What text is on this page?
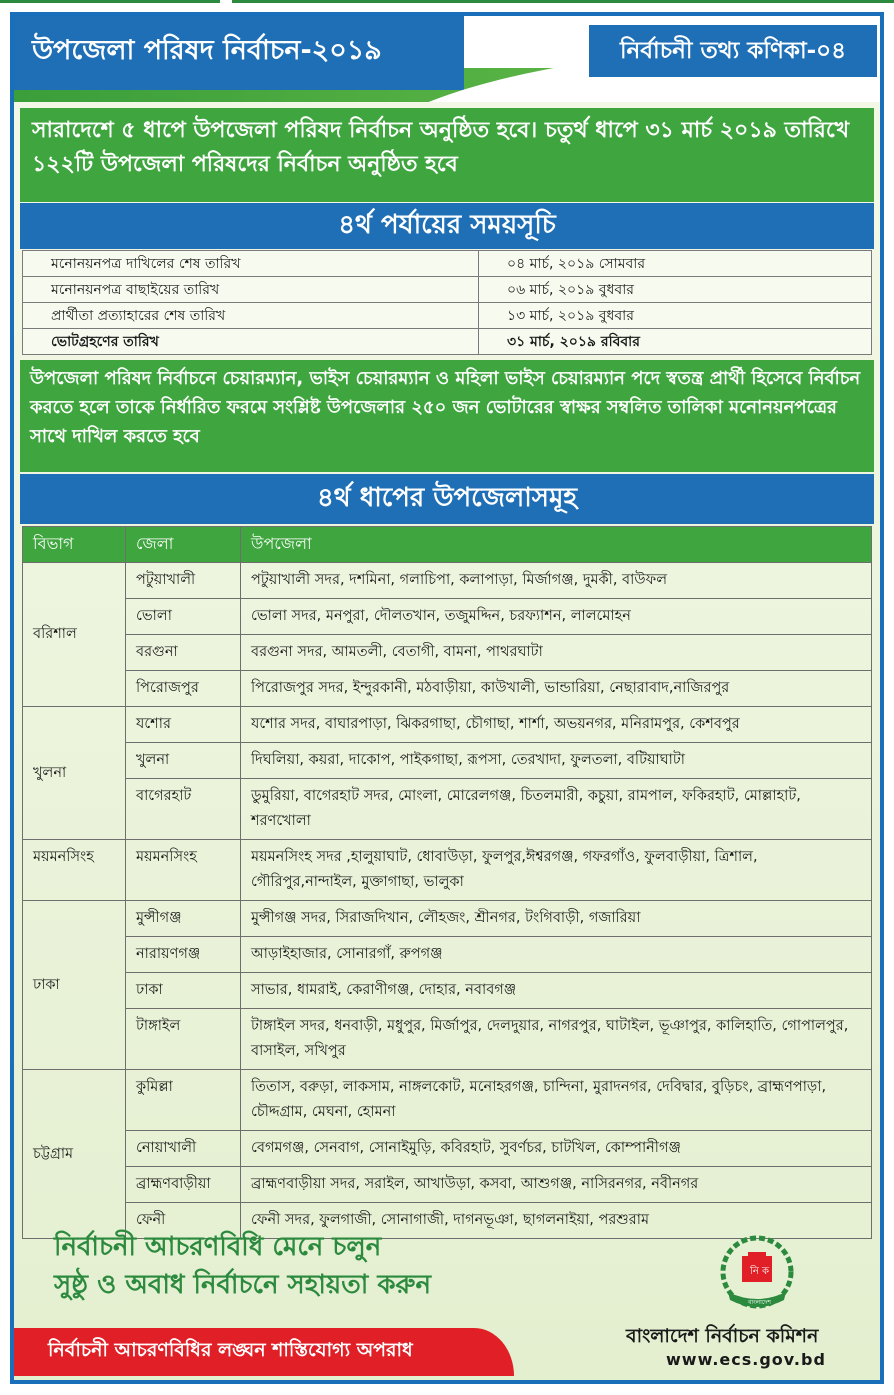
উপজেলা পরিষদ নির্বাচন-২০১৯	নির্বাচনী তথ্য কণিকা-০৪
সারাদেশে ৫ ধাপে উপজেলা পরিষদ নির্বাচন অনুষ্ঠিত হবে। চতুর্থ ধাপে ৩১ মার্চ ২০১৯ তারিখে ১২২টি উপজেলা পরিষদের নির্বাচন অনুষ্ঠিত হবে
৪র্থ পর্যায়ের সময়সূচি
মনোনয়নপত্র দাখিলের শেষ তারিখ	০৪ মার্চ, ২০১৯ সোমবার
মনোনয়নপত্র বাছাইয়ের তারিখ	০৬ মার্চ, ২০১৯ বুধবার
প্রার্থীতা প্রত্যাহারের শেষ তারিখ	১৩ মার্চ, ২০১৯ বুধবার
ভোটগ্রহণের তারিখ	৩১ মার্চ, ২০১৯ রবিবার
উপজেলা পরিষদ নির্বাচনে চেয়ারম্যান, ভাইস চেয়ারম্যান ও মহিলা ভাইস চেয়ারম্যান পদে স্বতন্ত্র প্রার্থী হিসেবে নির্বাচন করতে হলে তাকে নির্ধারিত ফরমে সংশ্লিষ্ট উপজেলার ২৫০ জন ভোটারের স্বাক্ষর সম্বলিত তালিকা মনোনয়নপত্রের সাথে দাখিল করতে হবে
৪র্থ ধাপের উপজেলাসমূহ
বিভাগ	জেলা	উপজেলা
বরিশাল	পটুয়াখালী	পটুয়াখালী সদর, দশমিনা, গলাচিপা, কলাপাড়া, মির্জাগঞ্জ, দুমকী, বাউফল
	ভোলা	ভোলা সদর, মনপুরা, দৌলতখান, তজুমদ্দিন, চরফ্যাশন, লালমোহন
	বরগুনা	বরগুনা সদর, আমতলী, বেতাগী, বামনা, পাথরঘাটা
	পিরোজপুর	পিরোজপুর সদর, ইন্দুরকানী, মঠবাড়ীয়া, কাউখালী, ভান্ডারিয়া, নেছারাবাদ,নাজিরপুর
খুলনা	যশোর	যশোর সদর, বাঘারপাড়া, ঝিকরগাছা, চৌগাছা, শার্শা, অভয়নগর, মনিরামপুর, কেশবপুর
	খুলনা	দিঘলিয়া, কয়রা, দাকোপ, পাইকগাছা, রূপসা, তেরখাদা, ফুলতলা, বটিয়াঘাটা
	বাগেরহাট	ডুমুরিয়া, বাগেরহাট সদর, মোংলা, মোরেলগঞ্জ, চিতলমারী, কচুয়া, রামপাল, ফকিরহাট, মোল্লাহাট, শরণখোলা
ময়মনসিংহ	ময়মনসিংহ	ময়মনসিংহ সদর ,হালুয়াঘাট, ধোবাউড়া, ফুলপুর,ঈশ্বরগঞ্জ, গফরগাঁও, ফুলবাড়ীয়া, ত্রিশাল, গৌরিপুর,নান্দাইল, মুক্তাগাছা, ভালুকা
ঢাকা	মুন্সীগঞ্জ	মুন্সীগঞ্জ সদর, সিরাজদিখান, লৌহজং, শ্রীনগর, টংগিবাড়ী, গজারিয়া
	নারায়ণগঞ্জ	আড়াইহাজার, সোনারগাঁ, রুপগঞ্জ
	ঢাকা	সাভার, ধামরাই, কেরাণীগঞ্জ, দোহার, নবাবগঞ্জ
	টাঙ্গাইল	টাঙ্গাইল সদর, ধনবাড়ী, মধুপুর, মির্জাপুর, দেলদুয়ার, নাগরপুর, ঘাটাইল, ভূঞাপুর, কালিহাতি, গোপালপুর, বাসাইল, সখিপুর
চট্টগ্রাম	কুমিল্লা	তিতাস, বরুড়া, লাকসাম, নাঙ্গলকোট, মনোহরগঞ্জ, চান্দিনা, মুরাদনগর, দেবিদ্বার, বুড়িচং, ব্রাহ্মণপাড়া, চৌদ্দগ্রাম, মেঘনা, হোমনা
	নোয়াখালী	বেগমগঞ্জ, সেনবাগ, সোনাইমুড়ি, কবিরহাট, সুবর্ণচর, চাটখিল, কোম্পানীগঞ্জ
	ব্রাহ্মণবাড়ীয়া	ব্রাহ্মণবাড়ীয়া সদর, সরাইল, আখাউড়া, কসবা, আশুগঞ্জ, নাসিরনগর, নবীনগর
	ফেনী	ফেনী সদর, ফুলগাজী, সোনাগাজী, দাগনভূঞা, ছাগলনাইয়া, পরশুরাম
নির্বাচনী আচরণবিধি মেনে চলুন
সুষ্ঠু ও অবাধ নির্বাচনে সহায়তা করুন
নির্বাচনী আচরণবিধির লঙ্ঘন শাস্তিযোগ্য অপরাধ
নি ক
বাংলাদেশ
বাংলাদেশ নির্বাচন কমিশন
www.ecs.gov.bd
